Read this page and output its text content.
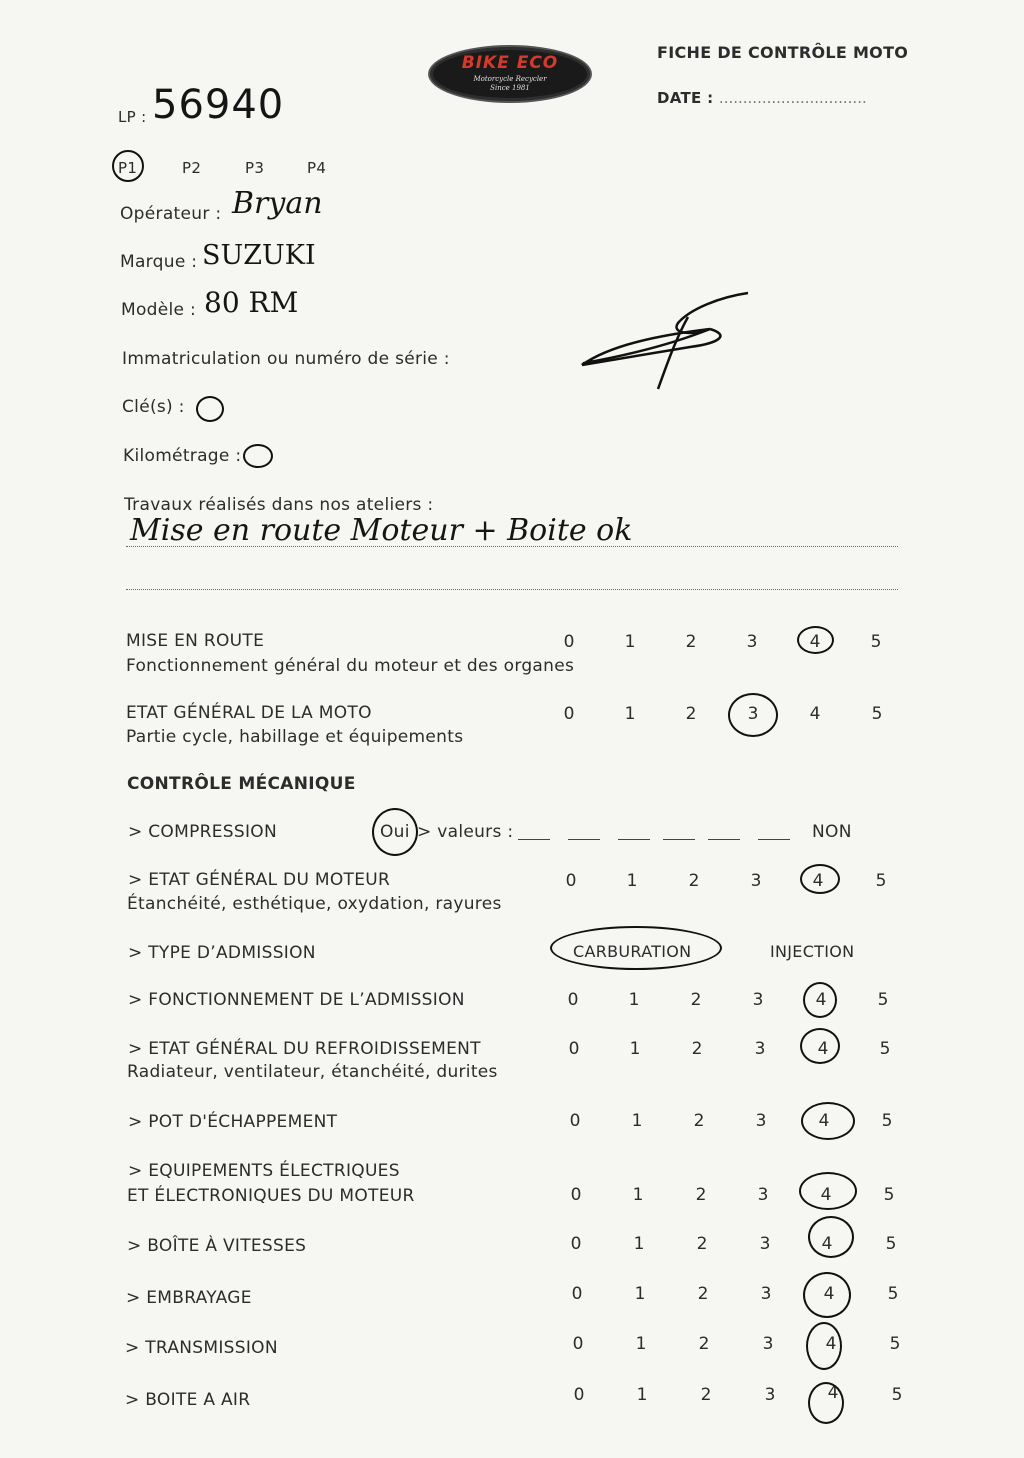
BIKE ECO
Motorcycle Recycler
Since 1981
FICHE DE CONTRÔLE MOTO
DATE : ...............................
LP : 56940
P1	P2	P3	P4
Opérateur : Bryan
Marque : SUZUKI
Modèle : 80 RM
Immatriculation ou numéro de série :
Clé(s) :
Kilométrage :
Travaux réalisés dans nos ateliers :
Mise en route Moteur + Boite ok
MISE EN ROUTE
Fonctionnement général du moteur et des organes
0	1	2	3	4	5
ETAT GÉNÉRAL DE LA MOTO
Partie cycle, habillage et équipements
0	1	2	3	4	5
CONTRÔLE MÉCANIQUE
> COMPRESSION	Oui > valeurs :	NON
> ETAT GÉNÉRAL DU MOTEUR
Étanchéité, esthétique, oxydation, rayures
0	1	2	3	4	5
> TYPE D’ADMISSION	CARBURATION	INJECTION
> FONCTIONNEMENT DE L’ADMISSION	0	1	2	3	4	5
> ETAT GÉNÉRAL DU REFROIDISSEMENT
Radiateur, ventilateur, étanchéité, durites
0	1	2	3	4	5
> POT D'ÉCHAPPEMENT	0	1	2	3	4	5
> EQUIPEMENTS ÉLECTRIQUES
ET ÉLECTRONIQUES DU MOTEUR	0	1	2	3	4	5
> BOÎTE À VITESSES	0	1	2	3	4	5
> EMBRAYAGE	0	1	2	3	4	5
> TRANSMISSION	0	1	2	3	4	5
> BOITE A AIR	0	1	2	3	4	5
